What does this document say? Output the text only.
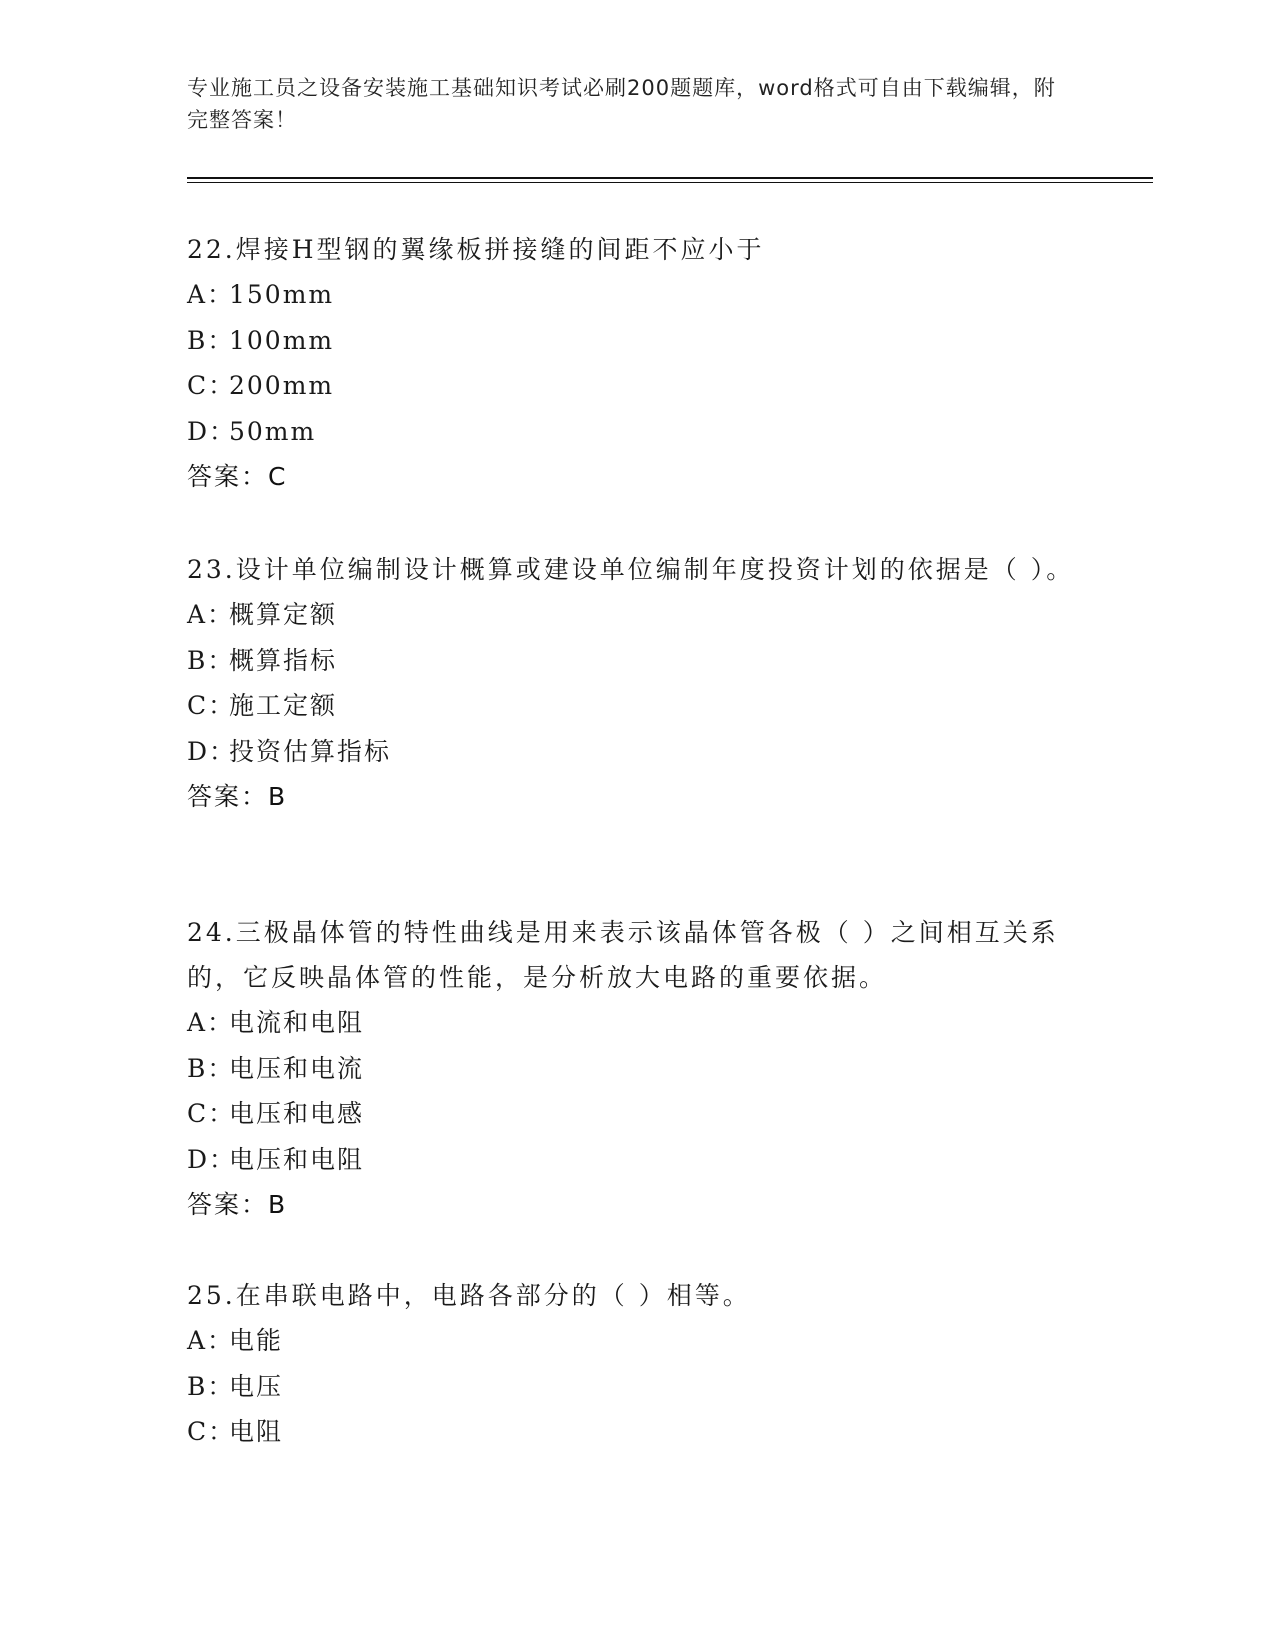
专业施工员之设备安装施工基础知识考试必刷200题题库，word格式可自由下载编辑，附完整答案！

22.焊接H型钢的翼缘板拼接缝的间距不应小于

A：150mm

B：100mm

C：200mm

D：50mm

答案：C

23.设计单位编制设计概算或建设单位编制年度投资计划的依据是（ ）。

A：概算定额

B：概算指标

C：施工定额

D：投资估算指标

答案：B

24.三极晶体管的特性曲线是用来表示该晶体管各极（ ）之间相互关系的，它反映晶体管的性能，是分析放大电路的重要依据。

A：电流和电阻

B：电压和电流

C：电压和电感

D：电压和电阻

答案：B

25.在串联电路中，电路各部分的（ ）相等。

A：电能

B：电压

C：电阻
